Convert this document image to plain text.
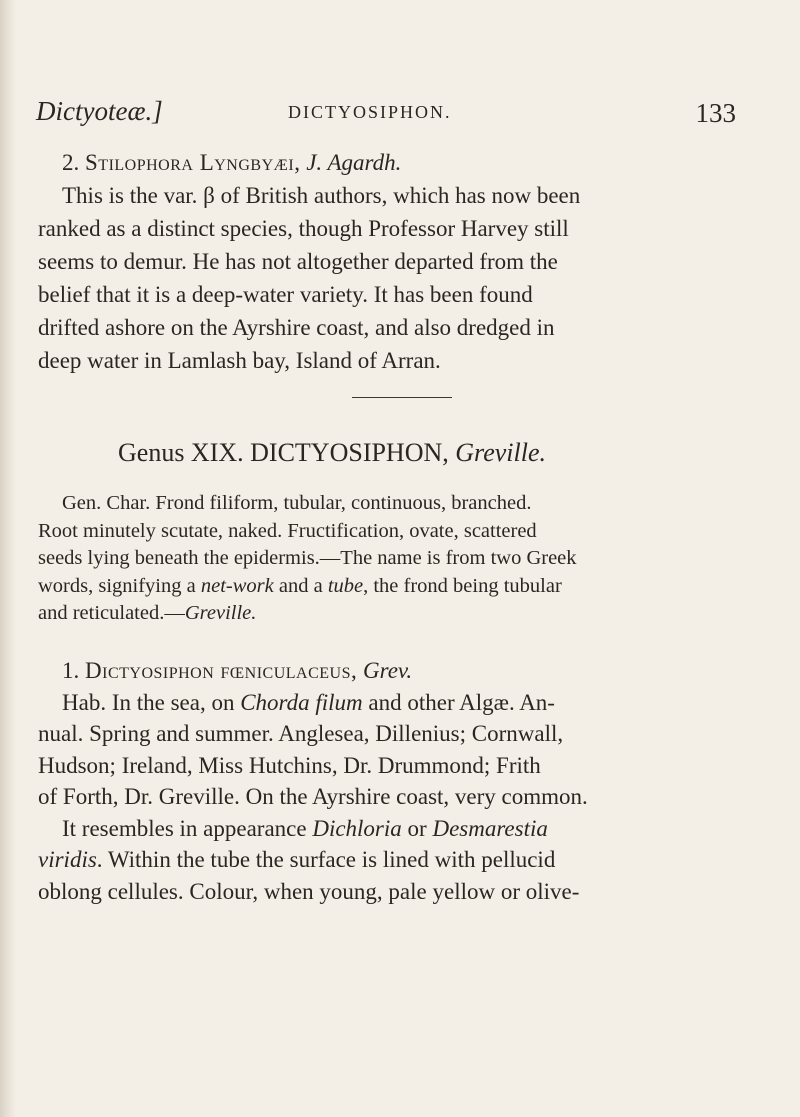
Dictyoteæ.]	DICTYOSIPHON.	133
2. Stilophora Lyngbyæi, J. Agardh.
This is the var. β of British authors, which has now been
ranked as a distinct species, though Professor Harvey still
seems to demur. He has not altogether departed from the
belief that it is a deep-water variety. It has been found
drifted ashore on the Ayrshire coast, and also dredged in
deep water in Lamlash bay, Island of Arran.
Genus XIX. DICTYOSIPHON, Greville.
Gen. Char. Frond filiform, tubular, continuous, branched.
Root minutely scutate, naked. Fructification, ovate, scattered
seeds lying beneath the epidermis.—The name is from two Greek
words, signifying a net-work and a tube, the frond being tubular
and reticulated.—Greville.
1. Dictyosiphon fœniculaceus, Grev.
Hab. In the sea, on Chorda filum and other Algæ. An-
nual. Spring and summer. Anglesea, Dillenius; Cornwall,
Hudson; Ireland, Miss Hutchins, Dr. Drummond; Frith
of Forth, Dr. Greville. On the Ayrshire coast, very common.
It resembles in appearance Dichloria or Desmarestia
viridis. Within the tube the surface is lined with pellucid
oblong cellules. Colour, when young, pale yellow or olive-
